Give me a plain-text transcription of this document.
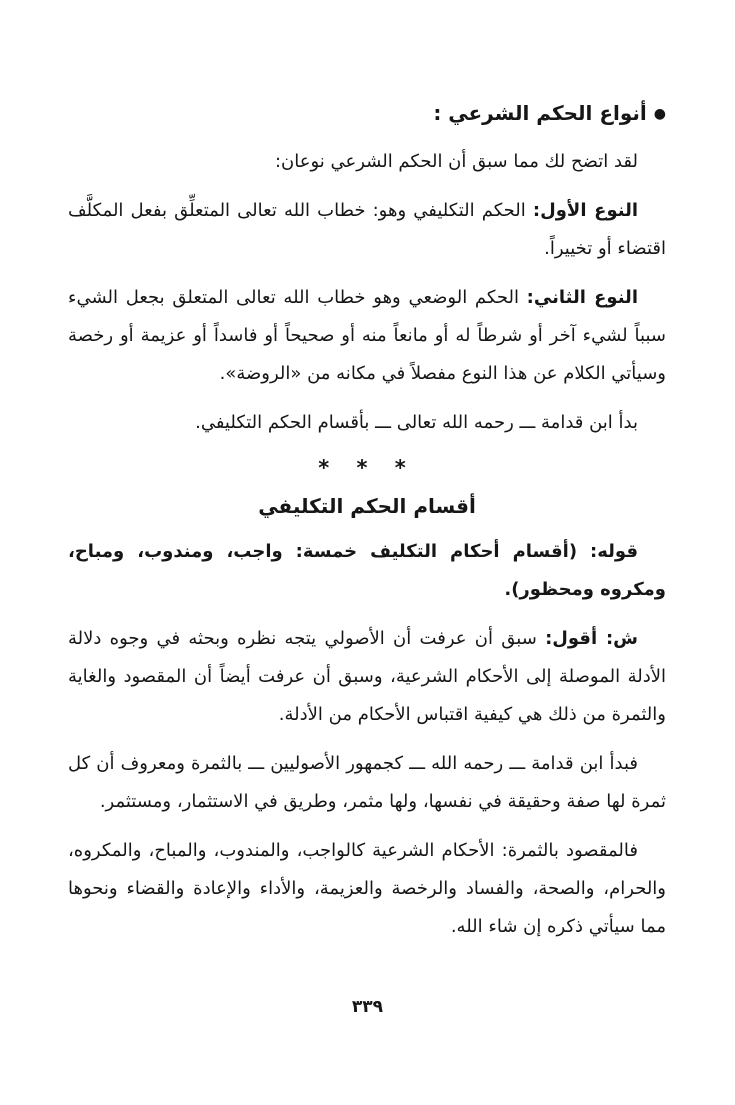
●أنواع الحكم الشرعي :

لقد اتضح لك مما سبق أن الحكم الشرعي نوعان:

النوع الأول: الحكم التكليفي وهو: خطاب الله تعالى المتعلِّق بفعل المكلَّف اقتضاء أو تخييراً.

النوع الثاني: الحكم الوضعي وهو خطاب الله تعالى المتعلق بجعل الشيء سبباً لشيء آخر أو شرطاً له أو مانعاً منه أو صحيحاً أو فاسداً أو عزيمة أو رخصة وسيأتي الكلام عن هذا النوع مفصلاً في مكانه من «الروضة».

بدأ ابن قدامة ـــ رحمه الله تعالى ـــ بأقسام الحكم التكليفي.

* * *
أقسام الحكم التكليفي

قوله: (أقسام أحكام التكليف خمسة: واجب، ومندوب، ومباح، ومكروه ومحظور).

ش: أقول: سبق أن عرفت أن الأصولي يتجه نظره وبحثه في وجوه دلالة الأدلة الموصلة إلى الأحكام الشرعية، وسبق أن عرفت أيضاً أن المقصود والغاية والثمرة من ذلك هي كيفية اقتباس الأحكام من الأدلة.

فبدأ ابن قدامة ـــ رحمه الله ـــ كجمهور الأصوليين ـــ بالثمرة ومعروف أن كل ثمرة لها صفة وحقيقة في نفسها، ولها مثمر، وطريق في الاستثمار، ومستثمر.

فالمقصود بالثمرة: الأحكام الشرعية كالواجب، والمندوب، والمباح، والمكروه، والحرام، والصحة، والفساد والرخصة والعزيمة، والأداء والإعادة والقضاء ونحوها مما سيأتي ذكره إن شاء الله.

٣٣٩
